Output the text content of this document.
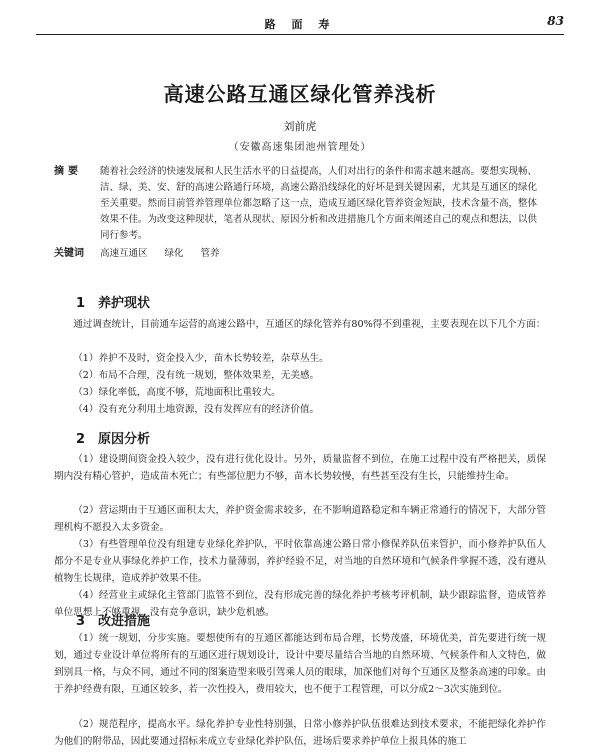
路 面 寿	83
高速公路互通区绿化管养浅析
刘前虎
（安徽高速集团池州管理处）
摘要 随着社会经济的快速发展和人民生活水平的日益提高，人们对出行的条件和需求越来越高。要想实现畅、洁、绿、美、安、舒的高速公路通行环境，高速公路沿线绿化的好坏是到关键因素，尤其是互通区的绿化至关重要。然而目前管养管理单位都忽略了这一点，造成互通区绿化管养资金短缺，技术含量不高，整体效果不佳。为改变这种现状，笔者从现状、原因分析和改进措施几个方面来阐述自己的观点和想法，以供同行参考。
关键词 高速互通区 绿化 管养
1 养护现状
通过调查统计，目前通车运营的高速公路中，互通区的绿化管养有80%得不到重视，主要表现在以下几个方面：
（1）养护不及时，资金投入少，苗木长势较差，杂草丛生。
（2）布局不合理，没有统一规划，整体效果差，无美感。
（3）绿化率低，高度不够，荒地面积比重较大。
（4）没有充分利用土地资源，没有发挥应有的经济价值。
2 原因分析
（1）建设期间资金投入较少，没有进行优化设计。另外，质量监督不到位，在施工过程中没有严格把关，质保期内没有精心管护，造成苗木死亡；有些部位肥力不够，苗木长势较慢，有些甚至没有生长，只能维持生命。
（2）营运期由于互通区面积太大，养护资金需求较多，在不影响道路稳定和车辆正常通行的情况下，大部分管理机构不愿投入太多资金。
（3）有些管理单位没有组建专业绿化养护队，平时依靠高速公路日常小修保养队伍来管护，而小修养护队伍人都分不是专业从事绿化养护工作，技术力量薄弱，养护经验不足，对当地的自然环境和气候条件掌握不透，没有遵从植物生长规律，造成养护效果不佳。
（4）经营业主或绿化主管部门监管不到位，没有形成完善的绿化养护考核考评机制，缺少跟踪监督，造成管养单位思想上不够重视，没有竞争意识，缺少危机感。
3 改进措施
（1）统一规划，分步实施。要想使所有的互通区都能达到布局合理，长势茂盛，环境优美，首先要进行统一规划，通过专业设计单位将所有的互通区进行规划设计，设计中要尽量结合当地的自然环境、气候条件和人文特色，做到别具一格，与众不同，通过不同的图案造型来吸引驾乘人员的眼球，加深他们对每个互通区及整条高速的印象。由于养护经费有限，互通区较多，若一次性投入，费用较大，也不便于工程管理，可以分成2～3次实施到位。
（2）规范程序，提高水平。绿化养护专业性特别强，日常小修养护队伍很难达到技术要求，不能把绿化养护作为他们的附带品，因此要通过招标来成立专业绿化养护队伍，进场后要求养护单位上报具体的施工
